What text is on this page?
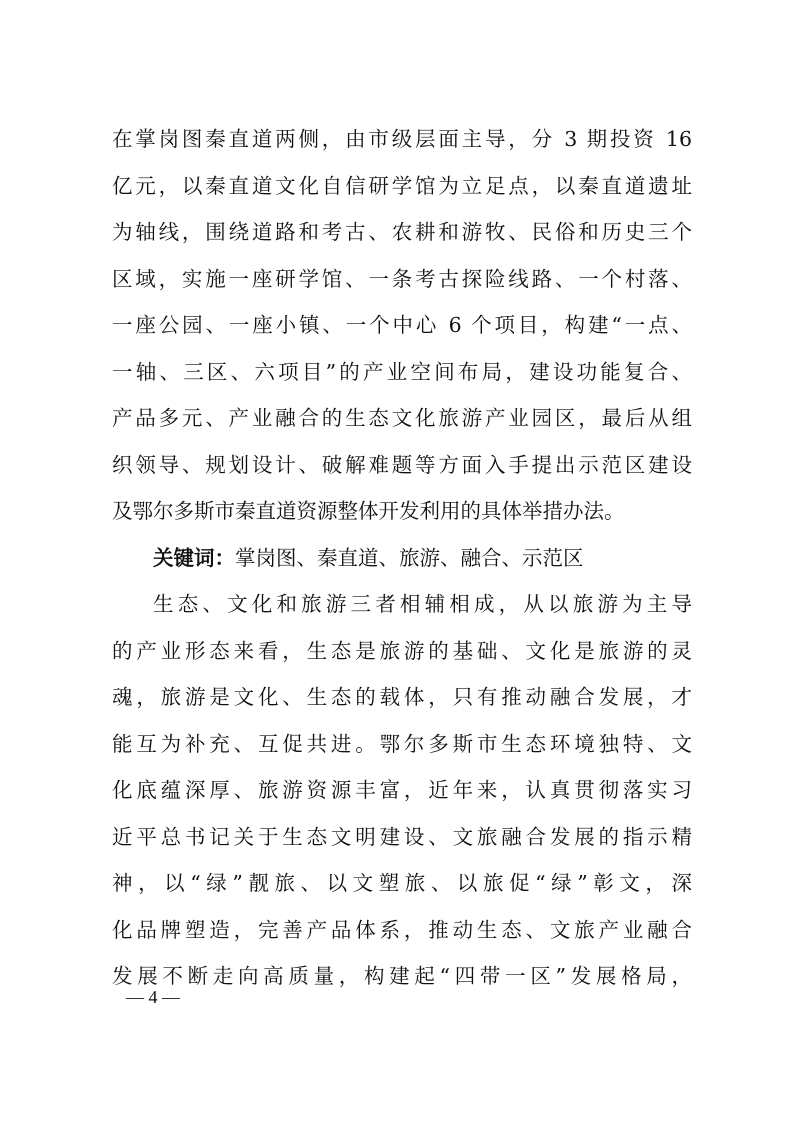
在掌岗图秦直道两侧，由市级层面主导，分 3 期投资 16
亿元，以秦直道文化自信研学馆为立足点，以秦直道遗址
为轴线，围绕道路和考古、农耕和游牧、民俗和历史三个
区域，实施一座研学馆、一条考古探险线路、一个村落、
一座公园、一座小镇、一个中心 6 个项目，构建“一点、
一轴、三区、六项目”的产业空间布局，建设功能复合、
产品多元、产业融合的生态文化旅游产业园区，最后从组
织领导、规划设计、破解难题等方面入手提出示范区建设
及鄂尔多斯市秦直道资源整体开发利用的具体举措办法。
关键词：掌岗图、秦直道、旅游、融合、示范区
生态、文化和旅游三者相辅相成，从以旅游为主导
的产业形态来看，生态是旅游的基础、文化是旅游的灵
魂，旅游是文化、生态的载体，只有推动融合发展，才
能互为补充、互促共进。鄂尔多斯市生态环境独特、文
化底蕴深厚、旅游资源丰富，近年来，认真贯彻落实习
近平总书记关于生态文明建设、文旅融合发展的指示精
神，以“绿”靓旅、以文塑旅、以旅促“绿”彰文，深
化品牌塑造，完善产品体系，推动生态、文旅产业融合
发展不断走向高质量，构建起“四带一区”发展格局，
— 4 —
